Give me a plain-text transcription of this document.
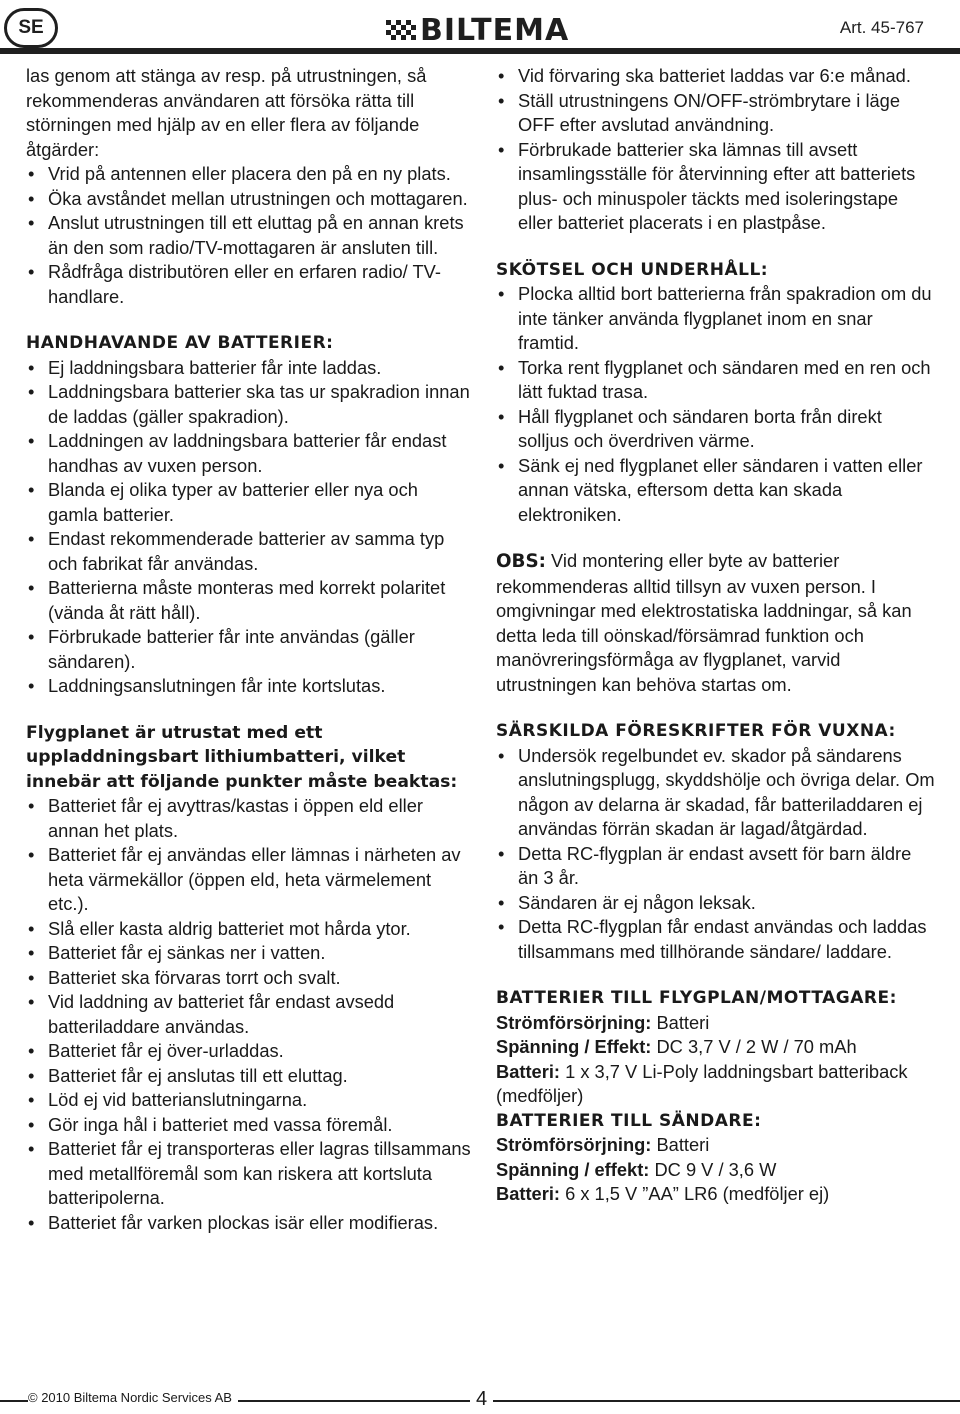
SE	BILTEMA	Art. 45-767

las genom att stänga av resp. på utrustningen, så rekommenderas användaren att försöka rätta till störningen med hjälp av en eller flera av följande åtgärder:

• Vrid på antennen eller placera den på en ny plats.
• Öka avståndet mellan utrustningen och mottagaren.
• Anslut utrustningen till ett eluttag på en annan krets än den som radio/TV-mottagaren är ansluten till.
• Rådfråga distributören eller en erfaren radio/ TV-handlare.

HANDHAVANDE AV BATTERIER:

• Ej laddningsbara batterier får inte laddas.
• Laddningsbara batterier ska tas ur spakradion innan de laddas (gäller spakradion).
• Laddningen av laddningsbara batterier får endast handhas av vuxen person.
• Blanda ej olika typer av batterier eller nya och gamla batterier.
• Endast rekommenderade batterier av samma typ och fabrikat får användas.
• Batterierna måste monteras med korrekt polaritet (vända åt rätt håll).
• Förbrukade batterier får inte användas (gäller sändaren).
• Laddningsanslutningen får inte kortslutas.

Flygplanet är utrustat med ett uppladdningsbart lithiumbatteri, vilket innebär att följande punkter måste beaktas:

• Batteriet får ej avyttras/kastas i öppen eld eller annan het plats.
• Batteriet får ej användas eller lämnas i närheten av heta värmekällor (öppen eld, heta värmelement etc.).
• Slå eller kasta aldrig batteriet mot hårda ytor.
• Batteriet får ej sänkas ner i vatten.
• Batteriet ska förvaras torrt och svalt.
• Vid laddning av batteriet får endast avsedd batteriladdare användas.
• Batteriet får ej över-urladdas.
• Batteriet får ej anslutas till ett eluttag.
• Löd ej vid batterianslutningarna.
• Gör inga hål i batteriet med vassa föremål.
• Batteriet får ej transporteras eller lagras tillsammans med metallföremål som kan riskera att kortsluta batteripolerna.
• Batteriet får varken plockas isär eller modifieras.
• Vid förvaring ska batteriet laddas var 6:e månad.
• Ställ utrustningens ON/OFF-strömbrytare i läge OFF efter avslutad användning.
• Förbrukade batterier ska lämnas till avsett insamlingsställe för återvinning efter att batteriets plus- och minuspoler täckts med isoleringstape eller batteriet placerats i en plastpåse.

SKÖTSEL OCH UNDERHÅLL:

• Plocka alltid bort batterierna från spakradion om du inte tänker använda flygplanet inom en snar framtid.
• Torka rent flygplanet och sändaren med en ren och lätt fuktad trasa.
• Håll flygplanet och sändaren borta från direkt solljus och överdriven värme.
• Sänk ej ned flygplanet eller sändaren i vatten eller annan vätska, eftersom detta kan skada elektroniken.

OBS: Vid montering eller byte av batterier rekommenderas alltid tillsyn av vuxen person. I omgivningar med elektrostatiska laddningar, så kan detta leda till oönskad/försämrad funktion och manövreringsförmåga av flygplanet, varvid utrustningen kan behöva startas om.

SÄRSKILDA FÖRESKRIFTER FÖR VUXNA:

• Undersök regelbundet ev. skador på sändarens anslutningsplugg, skyddshölje och övriga delar. Om någon av delarna är skadad, får batteriladdaren ej användas förrän skadan är lagad/åtgärdad.
• Detta RC-flygplan är endast avsett för barn äldre än 3 år.
• Sändaren är ej någon leksak.
• Detta RC-flygplan får endast användas och laddas tillsammans med tillhörande sändare/ laddare.

BATTERIER TILL FLYGPLAN/MOTTAGARE:

Strömförsörjning: Batteri

Spänning / Effekt: DC 3,7 V / 2 W / 70 mAh

Batteri: 1 x 3,7 V Li-Poly laddningsbart batteriback (medföljer)

BATTERIER TILL SÄNDARE:

Strömförsörjning: Batteri

Spänning / effekt: DC 9 V / 3,6 W

Batteri: 6 x 1,5 V ”AA” LR6 (medföljer ej)

© 2010 Biltema Nordic Services AB	4
